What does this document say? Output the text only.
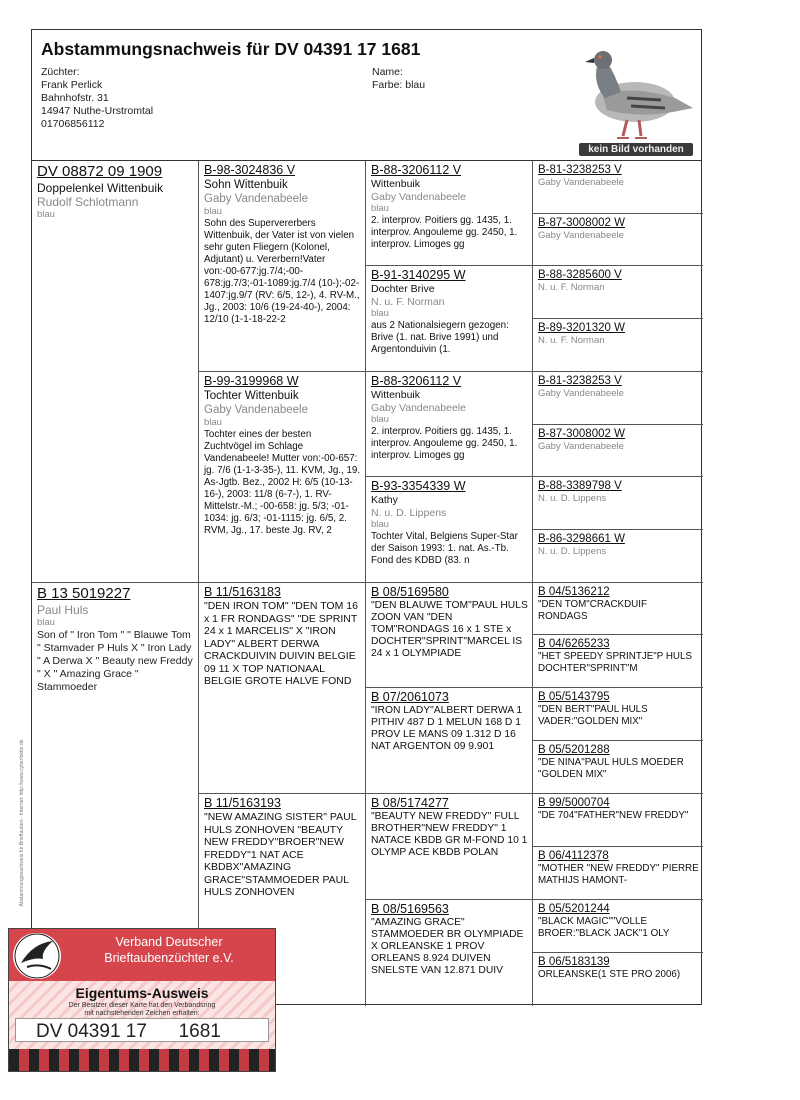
Abstammungsnachweis für DV 04391 17 1681
Züchter:
Frank Perlick
Bahnhofstr. 31
14947 Nuthe-Urstromtal
01706856112
Name:
Farbe: blau
kein Bild vorhanden
DV 08872 09 1909
Doppelenkel Wittenbuik
Rudolf Schlotmann
blau
B 13 5019227
Paul Huls
blau
Son of " Iron Tom " " Blauwe Tom " Stamvader P Huls X " Iron Lady " A Derwa X " Beauty new Freddy " X " Amazing Grace " Stammoeder
B-98-3024836 V
Sohn Wittenbuik
Gaby Vandenabeele
blau
Sohn des Supervererbers Wittenbuik, der Vater ist von vielen sehr guten Fliegern (Kolonel, Adjutant) u. Vererbern!Vater von:-00-677:jg.7/4;-00-678:jg.7/3;-01-1089:jg.7/4 (10-);-02-1407:jg.9/7 (RV: 6/5, 12-), 4. RV-M., Jg., 2003: 10/6 (19-24-40-), 2004: 12/10 (1-1-18-22-2
B-99-3199968 W
Tochter Wittenbuik
Gaby Vandenabeele
blau
Tochter eines der besten Zuchtvögel im Schlage Vandenabeele! Mutter von:-00-657: jg. 7/6 (1-1-3-35-), 11. KVM, Jg., 19. As-Jgtb. Bez., 2002 H: 6/5 (10-13-16-), 2003: 11/8 (6-7-), 1. RV-Mittelstr.-M.; -00-658: jg. 5/3; -01-1034: jg. 6/3; -01-1115: jg. 6/5, 2. RVM, Jg., 17. beste Jg. RV, 2
B 11/5163183
"DEN IRON TOM" "DEN TOM 16 x 1 FR RONDAGS" "DE SPRINT 24 x 1 MARCELIS" X "IRON LADY" ALBERT DERWA CRACKDUIVIN DUIVIN BELGIE 09 11 X TOP NATIONAAL BELGIE GROTE HALVE FOND
B 11/5163193
"NEW AMAZING SISTER" PAUL HULS ZONHOVEN "BEAUTY NEW FREDDY"BROER"NEW FREDDY"1 NAT ACE KBDBX"AMAZING GRACE"STAMMOEDER PAUL HULS ZONHOVEN
B-88-3206112 V
Wittenbuik
Gaby Vandenabeele
blau
2. interprov. Poitiers gg. 1435, 1. interprov. Angouleme gg. 2450, 1. interprov. Limoges gg
B-91-3140295 W
Dochter Brive
N. u. F. Norman
blau
aus 2 Nationalsiegern gezogen: Brive (1. nat. Brive 1991) und Argentonduivin (1.
B-88-3206112 V
Wittenbuik
Gaby Vandenabeele
blau
2. interprov. Poitiers gg. 1435, 1. interprov. Angouleme gg. 2450, 1. interprov. Limoges gg
B-93-3354339 W
Kathy
N. u. D. Lippens
blau
Tochter Vital, Belgiens Super-Star der Saison 1993: 1. nat. As.-Tb. Fond des KDBD (83. n
B 08/5169580
"DEN BLAUWE TOM"PAUL HULS ZOON VAN "DEN TOM"RONDAGS 16 x 1 STE x DOCHTER"SPRINT"MARCEL IS 24 x 1 OLYMPIADE
B 07/2061073
"IRON LADY"ALBERT DERWA 1 PITHIV 487 D 1 MELUN 168 D 1 PROV LE MANS 09 1.312 D 16 NAT ARGENTON 09 9.901
B 08/5174277
"BEAUTY NEW FREDDY" FULL BROTHER"NEW FREDDY" 1 NATACE KBDB GR M-FOND 10 1 OLYMP ACE KBDB POLAN
B 08/5169563
"AMAZING GRACE" STAMMOEDER BR OLYMPIADE X ORLEANSKE 1 PROV ORLEANS 8.924 DUIVEN SNELSTE VAN 12.871 DUIV
B-81-3238253 V
Gaby Vandenabeele
B-87-3008002 W
Gaby Vandenabeele
B-88-3285600 V
N. u. F. Norman
B-89-3201320 W
N. u. F. Norman
B-81-3238253 V
Gaby Vandenabeele
B-87-3008002 W
Gaby Vandenabeele
B-88-3389798 V
N. u. D. Lippens
B-86-3298661 W
N. u. D. Lippens
B 04/5136212
"DEN TOM"CRACKDUIF RONDAGS
B 04/6265233
"HET SPEEDY SPRINTJE"P HULS DOCHTER"SPRINT"M
B 05/5143795
"DEN BERT"PAUL HULS VADER:"GOLDEN MIX"
B 05/5201288
"DE NINA"PAUL HULS MOEDER "GOLDEN MIX"
B 99/5000704
"DE 704"FATHER"NEW FREDDY"
B 06/4112378
"MOTHER "NEW FREDDY" PIERRE MATHIJS HAMONT-
B 05/5201244
"BLACK MAGIC""VOLLE BROER:"BLACK JACK"1 OLY
B 06/5183139
ORLEANSKE(1 STE PRO 2006)
Abstammungsnachweis für Brieftauben · Internet: http://www.cyberfaktor.de
Verband Deutscher
Brieftaubenzüchter e.V.
Eigentums-Ausweis
Der Besitzer dieser Karte hat den Verbandsring
mit nachstehenden Zeichen erhalten:
DV 04391 17      1681
